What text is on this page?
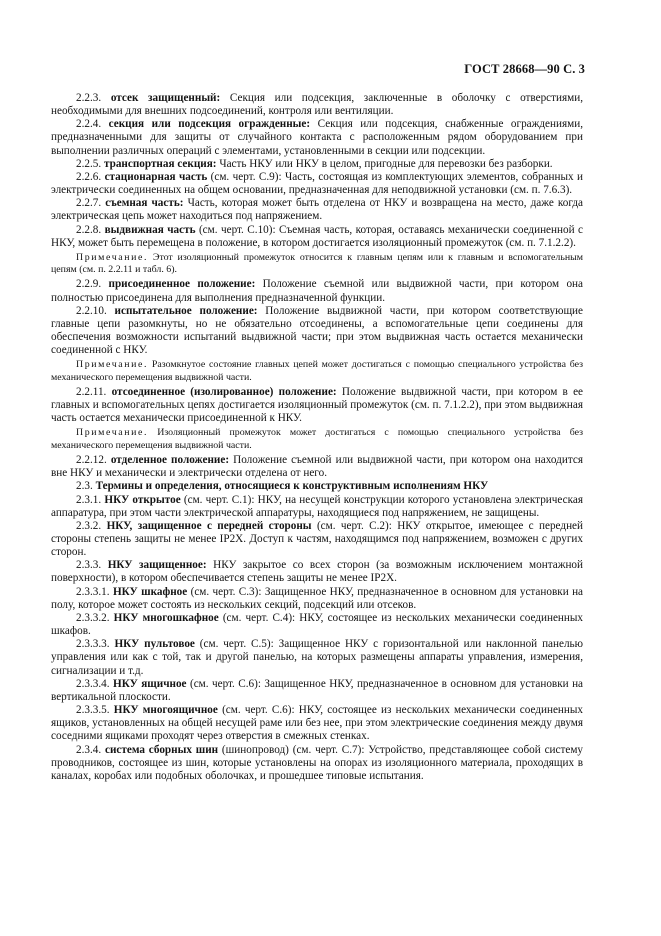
ГОСТ 28668—90 С. 3

2.2.3. отсек защищенный: Секция или подсекция, заключенные в оболочку с отверстиями, необходимыми для внешних подсоединений, контроля или вентиляции.

2.2.4. секция или подсекция огражденные: Секция или подсекция, снабженные ограждениями, предназначенными для защиты от случайного контакта с расположенным рядом оборудованием при выполнении различных операций с элементами, установленными в секции или подсекции.

2.2.5. транспортная секция: Часть НКУ или НКУ в целом, пригодные для перевозки без разборки.

2.2.6. стационарная часть (см. черт. С.9): Часть, состоящая из комплектующих элементов, собранных и электрически соединенных на общем основании, предназначенная для неподвижной установки (см. п. 7.6.3).

2.2.7. съемная часть: Часть, которая может быть отделена от НКУ и возвращена на место, даже когда электрическая цепь может находиться под напряжением.

2.2.8. выдвижная часть (см. черт. С.10): Съемная часть, которая, оставаясь механически соединенной с НКУ, может быть перемещена в положение, в котором достигается изоляционный промежуток (см. п. 7.1.2.2).

Примечание. Этот изоляционный промежуток относится к главным цепям или к главным и вспомогательным цепям (см. п. 2.2.11 и табл. 6).

2.2.9. присоединенное положение: Положение съемной или выдвижной части, при котором она полностью присоединена для выполнения предназначенной функции.

2.2.10. испытательное положение: Положение выдвижной части, при котором соответствующие главные цепи разомкнуты, но не обязательно отсоединены, а вспомогательные цепи соединены для обеспечения возможности испытаний выдвижной части; при этом выдвижная часть остается механически соединенной с НКУ.

Примечание. Разомкнутое состояние главных цепей может достигаться с помощью специального устройства без механического перемещения выдвижной части.

2.2.11. отсоединенное (изолированное) положение: Положение выдвижной части, при котором в ее главных и вспомогательных цепях достигается изоляционный промежуток (см. п. 7.1.2.2), при этом выдвижная часть остается механически присоединенной к НКУ.

Примечание. Изоляционный промежуток может достигаться с помощью специального устройства без механического перемещения выдвижной части.

2.2.12. отделенное положение: Положение съемной или выдвижной части, при котором она находится вне НКУ и механически и электрически отделена от него.

2.3. Термины и определения, относящиеся к конструктивным исполнениям НКУ

2.3.1. НКУ открытое (см. черт. С.1): НКУ, на несущей конструкции которого установлена электрическая аппаратура, при этом части электрической аппаратуры, находящиеся под напряжением, не защищены.

2.3.2. НКУ, защищенное с передней стороны (см. черт. С.2): НКУ открытое, имеющее с передней стороны степень защиты не менее IP2X. Доступ к частям, находящимся под напряжением, возможен с других сторон.

2.3.3. НКУ защищенное: НКУ закрытое со всех сторон (за возможным исключением монтажной поверхности), в котором обеспечивается степень защиты не менее IP2X.

2.3.3.1. НКУ шкафное (см. черт. С.3): Защищенное НКУ, предназначенное в основном для установки на полу, которое может состоять из нескольких секций, подсекций или отсеков.

2.3.3.2. НКУ многошкафное (см. черт. С.4): НКУ, состоящее из нескольких механически соединенных шкафов.

2.3.3.3. НКУ пультовое (см. черт. С.5): Защищенное НКУ с горизонтальной или наклонной панелью управления или как с той, так и другой панелью, на которых размещены аппараты управления, измерения, сигнализации и т.д.

2.3.3.4. НКУ ящичное (см. черт. С.6): Защищенное НКУ, предназначенное в основном для установки на вертикальной плоскости.

2.3.3.5. НКУ многоящичное (см. черт. С.6): НКУ, состоящее из нескольких механически соединенных ящиков, установленных на общей несущей раме или без нее, при этом электрические соединения между двумя соседними ящиками проходят через отверстия в смежных стенках.

2.3.4. система сборных шин (шинопровод) (см. черт. С.7): Устройство, представляющее собой систему проводников, состоящее из шин, которые установлены на опорах из изоляционного материала, проходящих в каналах, коробах или подобных оболочках, и прошедшее типовые испытания.
